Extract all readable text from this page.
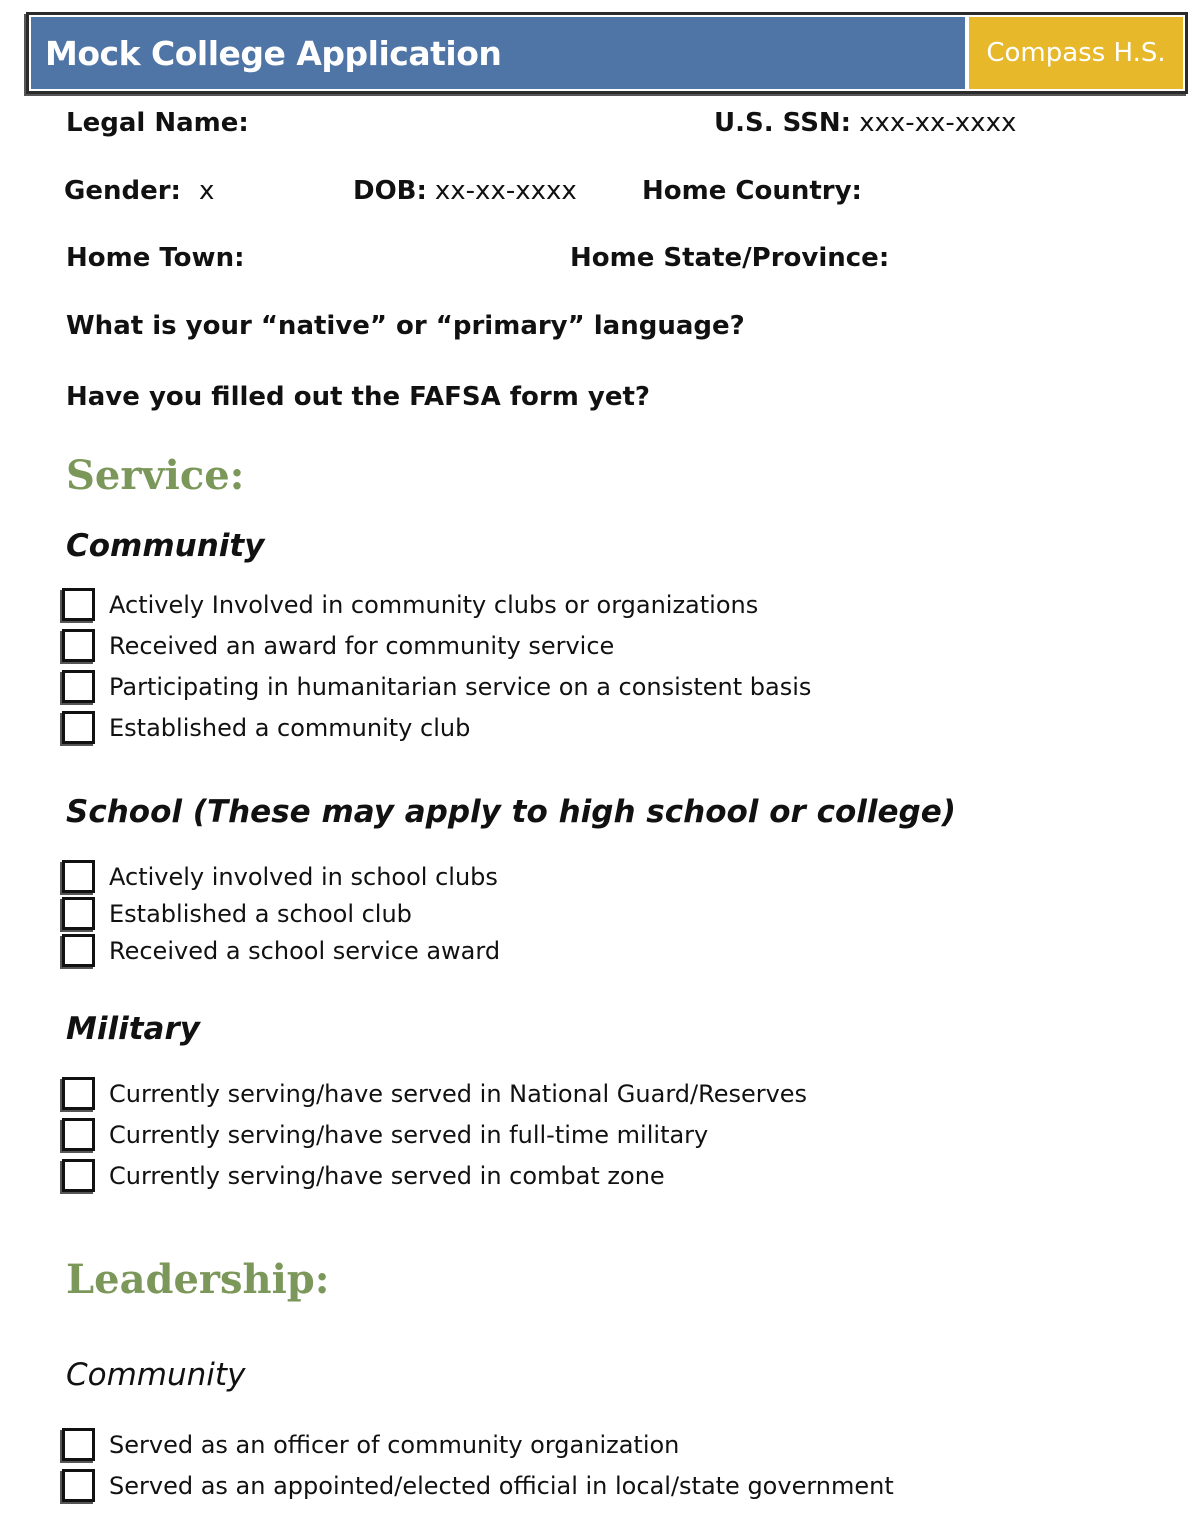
Mock College Application	Compass H.S.
Legal Name:	U.S. SSN: xxx-xx-xxxx
Gender: x	DOB: xx-xx-xxxx	Home Country:
Home Town:	Home State/Province:
What is your “native” or “primary” language?
Have you filled out the FAFSA form yet?
Service:
Community
Actively Involved in community clubs or organizations
Received an award for community service
Participating in humanitarian service on a consistent basis
Established a community club
School (These may apply to high school or college)
Actively involved in school clubs
Established a school club
Received a school service award
Military
Currently serving/have served in National Guard/Reserves
Currently serving/have served in full-time military
Currently serving/have served in combat zone
Leadership:
Community
Served as an officer of community organization
Served as an appointed/elected official in local/state government
